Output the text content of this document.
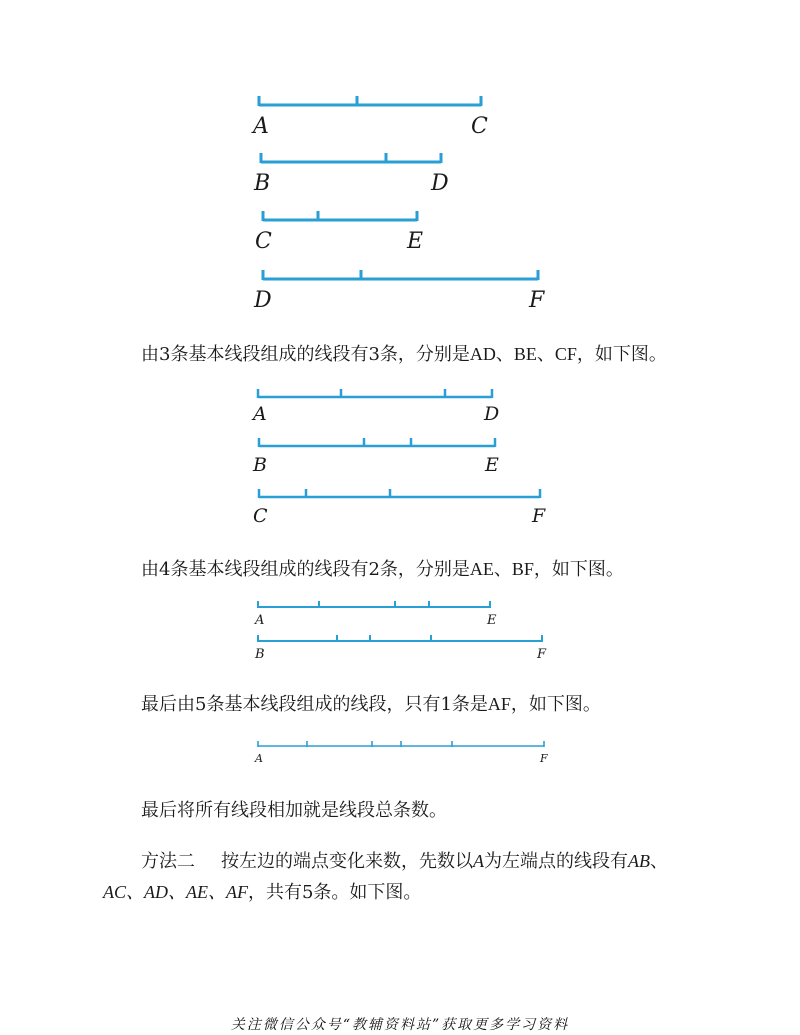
A	C
B	D
C	E
D	F
A	D
B	E
C	F
A	E
B	F
A	F
由3条基本线段组成的线段有3条，分别是AD、BE、CF，如下图。
由4条基本线段组成的线段有2条，分别是AE、BF，如下图。
最后由5条基本线段组成的线段，只有1条是AF，如下图。
最后将所有线段相加就是线段总条数。
方法二 按左边的端点变化来数，先数以A为左端点的线段有AB、
AC、AD、AE、AF，共有5条。如下图。
关注微信公众号“教辅资料站”获取更多学习资料
